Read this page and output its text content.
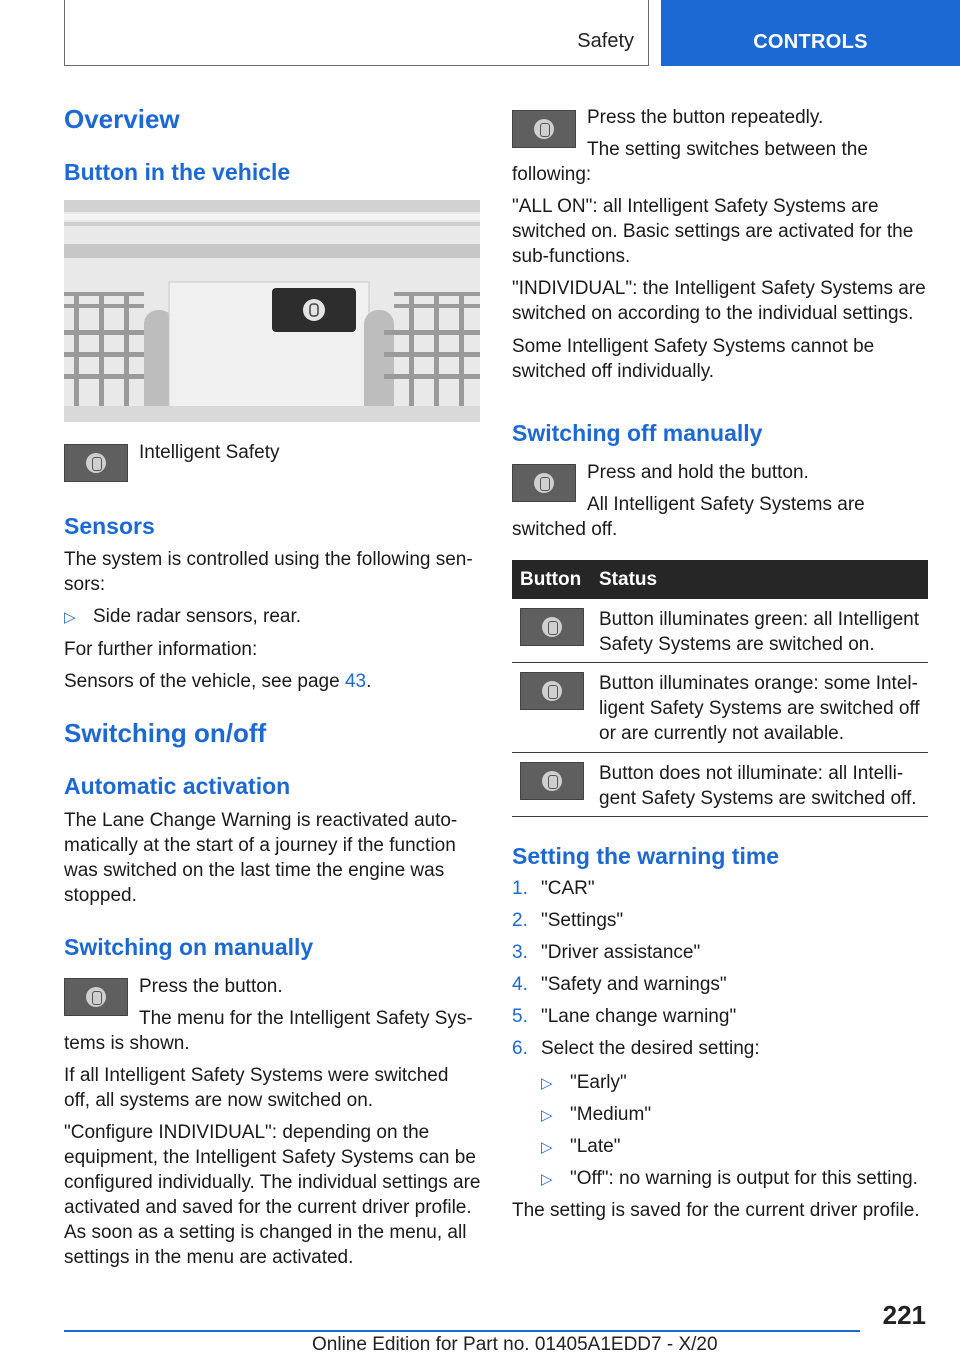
Safety	CONTROLS
Overview
Button in the vehicle
Intelligent Safety
Sensors
The system is controlled using the following sen-sors:
▷ Side radar sensors, rear.
For further information:
Sensors of the vehicle, see page 43.
Switching on/off
Automatic activation
The Lane Change Warning is reactivated auto-matically at the start of a journey if the function was switched on the last time the engine was stopped.
Switching on manually
Press the button.
The menu for the Intelligent Safety Sys-
tems is shown.
If all Intelligent Safety Systems were switched off, all systems are now switched on.
"Configure INDIVIDUAL": depending on the equipment, the Intelligent Safety Systems can be configured individually. The individual settings are activated and saved for the current driver profile. As soon as a setting is changed in the menu, all settings in the menu are activated.
Press the button repeatedly.
The setting switches between the following:
"ALL ON": all Intelligent Safety Systems are switched on. Basic settings are activated for the sub-functions.
"INDIVIDUAL": the Intelligent Safety Systems are switched on according to the individual settings.
Some Intelligent Safety Systems cannot be switched off individually.
Switching off manually
Press and hold the button.
All Intelligent Safety Systems are switched off.
Button Status
Button illuminates green: all Intelligent Safety Systems are switched on.
Button illuminates orange: some Intel-ligent Safety Systems are switched off or are currently not available.
Button does not illuminate: all Intelli-gent Safety Systems are switched off.
Setting the warning time
1. "CAR"
2. "Settings"
3. "Driver assistance"
4. "Safety and warnings"
5. "Lane change warning"
6. Select the desired setting:
▷ "Early"
▷ "Medium"
▷ "Late"
▷ "Off": no warning is output for this setting.
The setting is saved for the current driver profile.
221
Online Edition for Part no. 01405A1EDD7 - X/20
